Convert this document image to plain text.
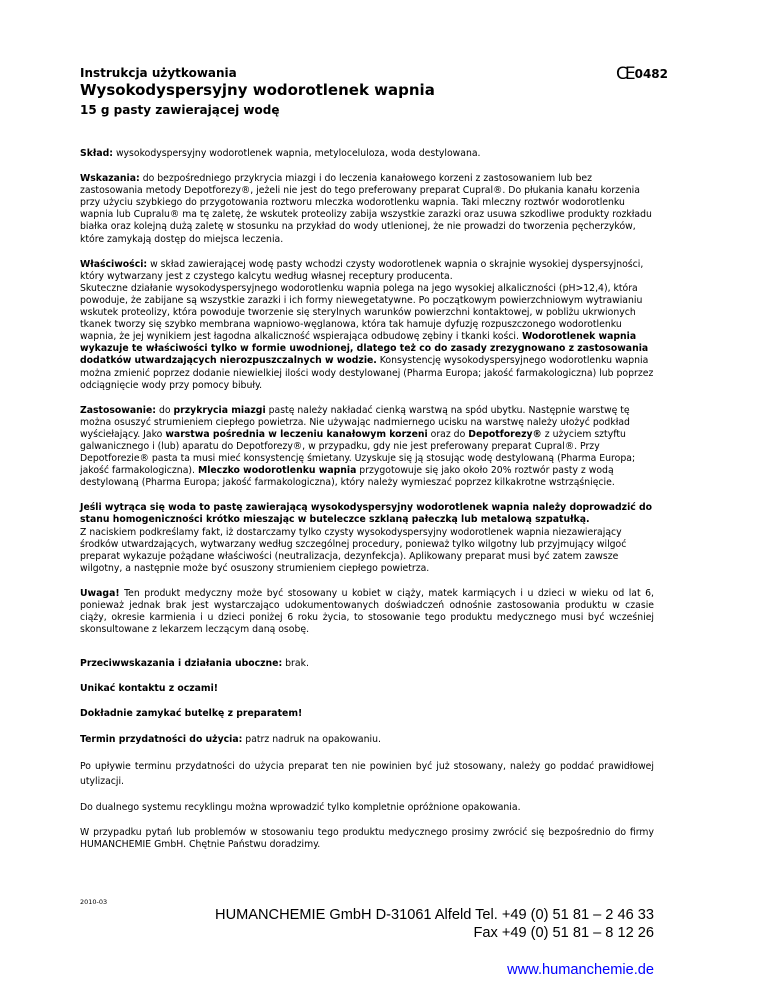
CE 0482

Instrukcja użytkowania

Wysokodyspersyjny wodorotlenek wapnia

15 g pasty zawierającej wodę

Skład: wysokodyspersyjny wodorotlenek wapnia, metyloceluloza, woda destylowana.

Wskazania: do bezpośredniego przykrycia miazgi i do leczenia kanałowego korzeni z zastosowaniem lub bez zastosowania metody Depotforezy®, jeżeli nie jest do tego preferowany preparat Cupral®. Do płukania kanału korzenia przy użyciu szybkiego do przygotowania roztworu mleczka wodorotlenku wapnia. Taki mleczny roztwór wodorotlenku wapnia lub Cupralu® ma tę zaletę, że wskutek proteolizy zabija wszystkie zarazki oraz usuwa szkodliwe produkty rozkładu białka oraz kolejną dużą zaletę w stosunku na przykład do wody utlenionej, że nie prowadzi do tworzenia pęcherzyków, które zamykają dostęp do miejsca leczenia.

Właściwości: w skład zawierającej wodę pasty wchodzi czysty wodorotlenek wapnia o skrajnie wysokiej dyspersyjności, który wytwarzany jest z czystego kalcytu według własnej receptury producenta.
Skuteczne działanie wysokodyspersyjnego wodorotlenku wapnia polega na jego wysokiej alkaliczności (pH>12,4), która powoduje, że zabijane są wszystkie zarazki i ich formy niewegetatywne. Po początkowym powierzchniowym wytrawianiu wskutek proteolizy, która powoduje tworzenie się sterylnych warunków powierzchni kontaktowej, w pobliżu ukrwionych tkanek tworzy się szybko membrana wapniowo-węglanowa, która tak hamuje dyfuzję rozpuszczonego wodorotlenku wapnia, że jej wynikiem jest łagodna alkaliczność wspierająca odbudowę zębiny i tkanki kości. Wodorotlenek wapnia wykazuje te właściwości tylko w formie uwodnionej, dlatego też co do zasady zrezygnowano z zastosowania dodatków utwardzających nierozpuszczalnych w wodzie. Konsystencję wysokodyspersyjnego wodorotlenku wapnia można zmienić poprzez dodanie niewielkiej ilości wody destylowanej (Pharma Europa; jakość farmakologiczna) lub poprzez odciągnięcie wody przy pomocy bibuły.

Zastosowanie: do przykrycia miazgi pastę należy nakładać cienką warstwą na spód ubytku. Następnie warstwę tę można osuszyć strumieniem ciepłego powietrza. Nie używając nadmiernego ucisku na warstwę należy ułożyć podkład wyściełający. Jako warstwa pośrednia w leczeniu kanałowym korzeni oraz do Depotforezy® z użyciem sztyftu galwanicznego i (lub) aparatu do Depotforezy®, w przypadku, gdy nie jest preferowany preparat Cupral®. Przy Depotforezie® pasta ta musi mieć konsystencję śmietany. Uzyskuje się ją stosując wodę destylowaną (Pharma Europa; jakość farmakologiczna). Mleczko wodorotlenku wapnia przygotowuje się jako około 20% roztwór pasty z wodą destylowaną (Pharma Europa; jakość farmakologiczna), który należy wymieszać poprzez kilkakrotne wstrząśnięcie.

Jeśli wytrąca się woda to pastę zawierającą wysokodyspersyjny wodorotlenek wapnia należy doprowadzić do stanu homogeniczności krótko mieszając w buteleczce szklaną pałeczką lub metalową szpatułką.
Z naciskiem podkreślamy fakt, iż dostarczamy tylko czysty wysokodyspersyjny wodorotlenek wapnia niezawierający środków utwardzających, wytwarzany według szczególnej procedury, ponieważ tylko wilgotny lub przyjmujący wilgoć preparat wykazuje pożądane właściwości (neutralizacja, dezynfekcja). Aplikowany preparat musi być zatem zawsze wilgotny, a następnie może być osuszony strumieniem ciepłego powietrza.

Uwaga! Ten produkt medyczny może być stosowany u kobiet w ciąży, matek karmiących i u dzieci w wieku od lat 6, ponieważ jednak brak jest wystarczająco udokumentowanych doświadczeń odnośnie zastosowania produktu w czasie ciąży, okresie karmienia i u dzieci poniżej 6 roku życia, to stosowanie tego produktu medycznego musi być wcześniej skonsultowane z lekarzem leczącym daną osobę.

Przeciwwskazania i działania uboczne: brak.

Unikać kontaktu z oczami!

Dokładnie zamykać butelkę z preparatem!

Termin przydatności do użycia: patrz nadruk na opakowaniu.

Po upływie terminu przydatności do użycia preparat ten nie powinien być już stosowany, należy go poddać prawidłowej utylizacji.

Do dualnego systemu recyklingu można wprowadzić tylko kompletnie opróżnione opakowania.

W przypadku pytań lub problemów w stosowaniu tego produktu medycznego prosimy zwrócić się bezpośrednio do firmy HUMANCHEMIE GmbH. Chętnie Państwu doradzimy.

HUMANCHEMIE GmbH D-31061 Alfeld Tel. +49 (0) 51 81 – 2 46 33
Fax +49 (0) 51 81 – 8 12 26
www.humanchemie.de
2010-03
